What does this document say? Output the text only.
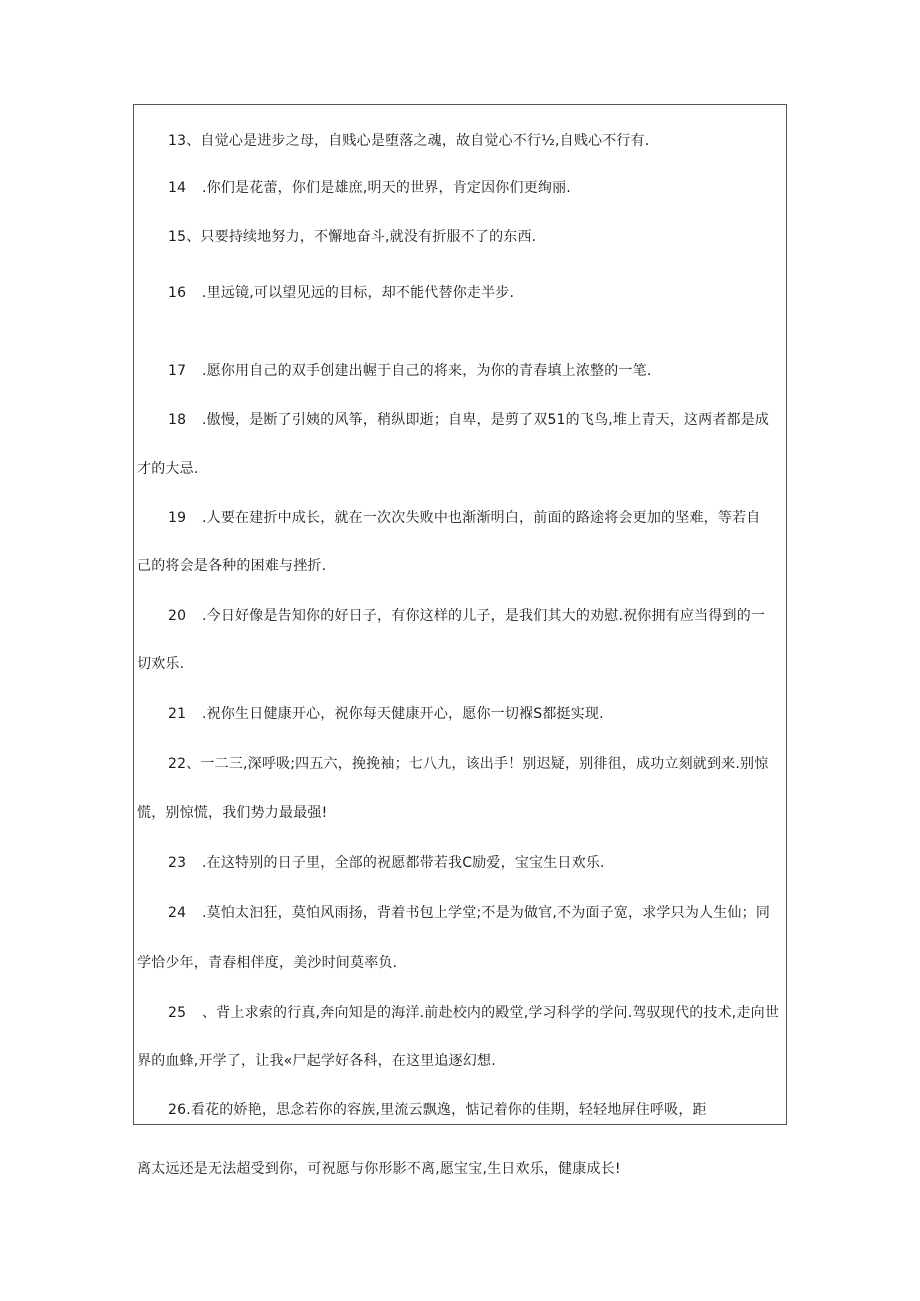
13、自觉心是进步之母，自贱心是堕落之魂，故自觉心不行½,自贱心不行有.
14 .你们是花蕾，你们是雄庶,明天的世界，肯定因你们更绚丽.
15、只要持续地努力，不懈地奋斗,就没有折服不了的东西.
16 .里远镜,可以望见远的目标，却不能代替你走半步.
17 .愿你用自己的双手创建出幄于自己的将来，为你的青春填上浓整的一笔.
18 .傲慢，是断了引姨的风筝，稍纵即逝；自卑，是剪了双51的飞鸟,堆上青天，这两者都是成
才的大忌.
19 .人要在建折中成长，就在一次次失败中也渐渐明白，前面的路途将会更加的坚难，等若自
己的将会是各种的困难与挫折.
20 .今日好像是告知你的好日子，有你这样的儿子，是我们其大的劝慰.祝你拥有应当得到的一
切欢乐.
21 .祝你生日健康开心，祝你每天健康开心，愿你一切褓S都挺实现.
22、一二三,深呼吸;四五六，挽挽袖；七八九，该出手！别迟疑，别徘徂，成功立刻就到来.别惊
慌，别惊慌，我们势力最最强!
23 .在这特别的日子里，全部的祝愿都带若我C励爱，宝宝生日欢乐.
24 .莫怕太汩狂，莫怕风雨扬，背着书包上学堂;不是为做官,不为面子宽，求学只为人生仙；同
学恰少年，青春相伴度，美沙时间莫率负.
25 、背上求索的行真,奔向知是的海洋.前赴校内的殿堂,学习科学的学问.驾驭现代的技术,走向世
界的血蜂,开学了，让我«尸起学好各科，在这里追逐幻想.
26.看花的娇艳，思念若你的容族,里流云飘逸，惦记着你的佳期，轻轻地屏住呼吸，距
离太远还是无法超受到你，可祝愿与你形影不离,愿宝宝,生日欢乐，健康成长!
